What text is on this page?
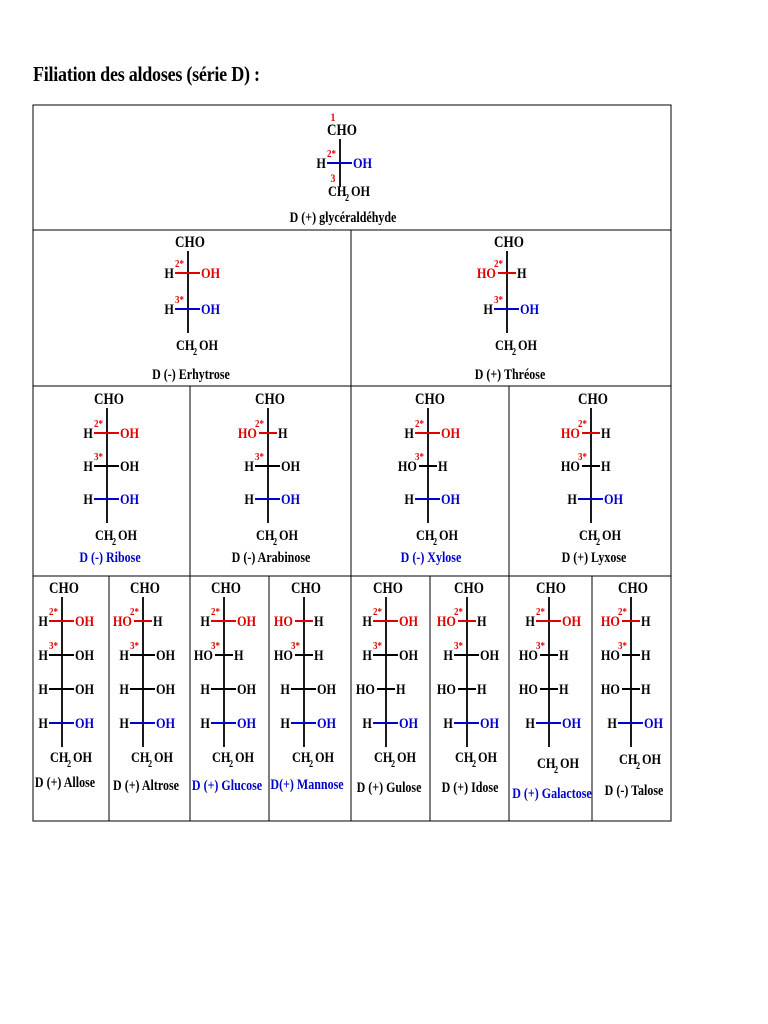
Filiation des aldoses (série D) :
CHO
H OH
2*
CH
2 OH
D (+) glycéraldéhyde
1
3
CHO
H OH
2*
H OH
3*
CH
2 OH
D (-) Erhytrose
CHO
HO H
2*
H OH
3*
CH
2 OH
D (+) Thréose
CHO
H OH
2*
H OH
3*
H OH
CH
2 OH
D (-) Ribose
CHO
HO H
2*
H OH
3*
H OH
CH
2 OH
D (-) Arabinose
CHO
H OH
2*
HO H
3*
H OH
CH
2 OH
D (-) Xylose
CHO
HO H
2*
HO H
3*
H OH
CH
2 OH
D (+) Lyxose
CHO
H OH
2*
H OH
3*
H OH
H OH
CH
2 OH
D (+) Allose
CHO
HO H
2*
H OH
3*
H OH
H OH
CH
2 OH
D (+) Altrose
CHO
H OH
2*
HO H
3*
H OH
H OH
CH
2 OH
D (+) Glucose
CHO
HO H
HO H
3*
H OH
H OH
CH
2 OH
D(+) Mannose
CHO
H OH
2*
H OH
3*
HO H
H OH
CH
2 OH
D (+) Gulose
CHO
HO H
2*
H OH
3*
HO H
H OH
CH
2 OH
D (+) Idose
CHO
H OH
2*
HO H
3*
HO H
H OH
CH
2 OH
D (+) Galactose
CHO
HO H
2*
HO H
3*
HO H
H OH
CH
2 OH
D (-) Talose
